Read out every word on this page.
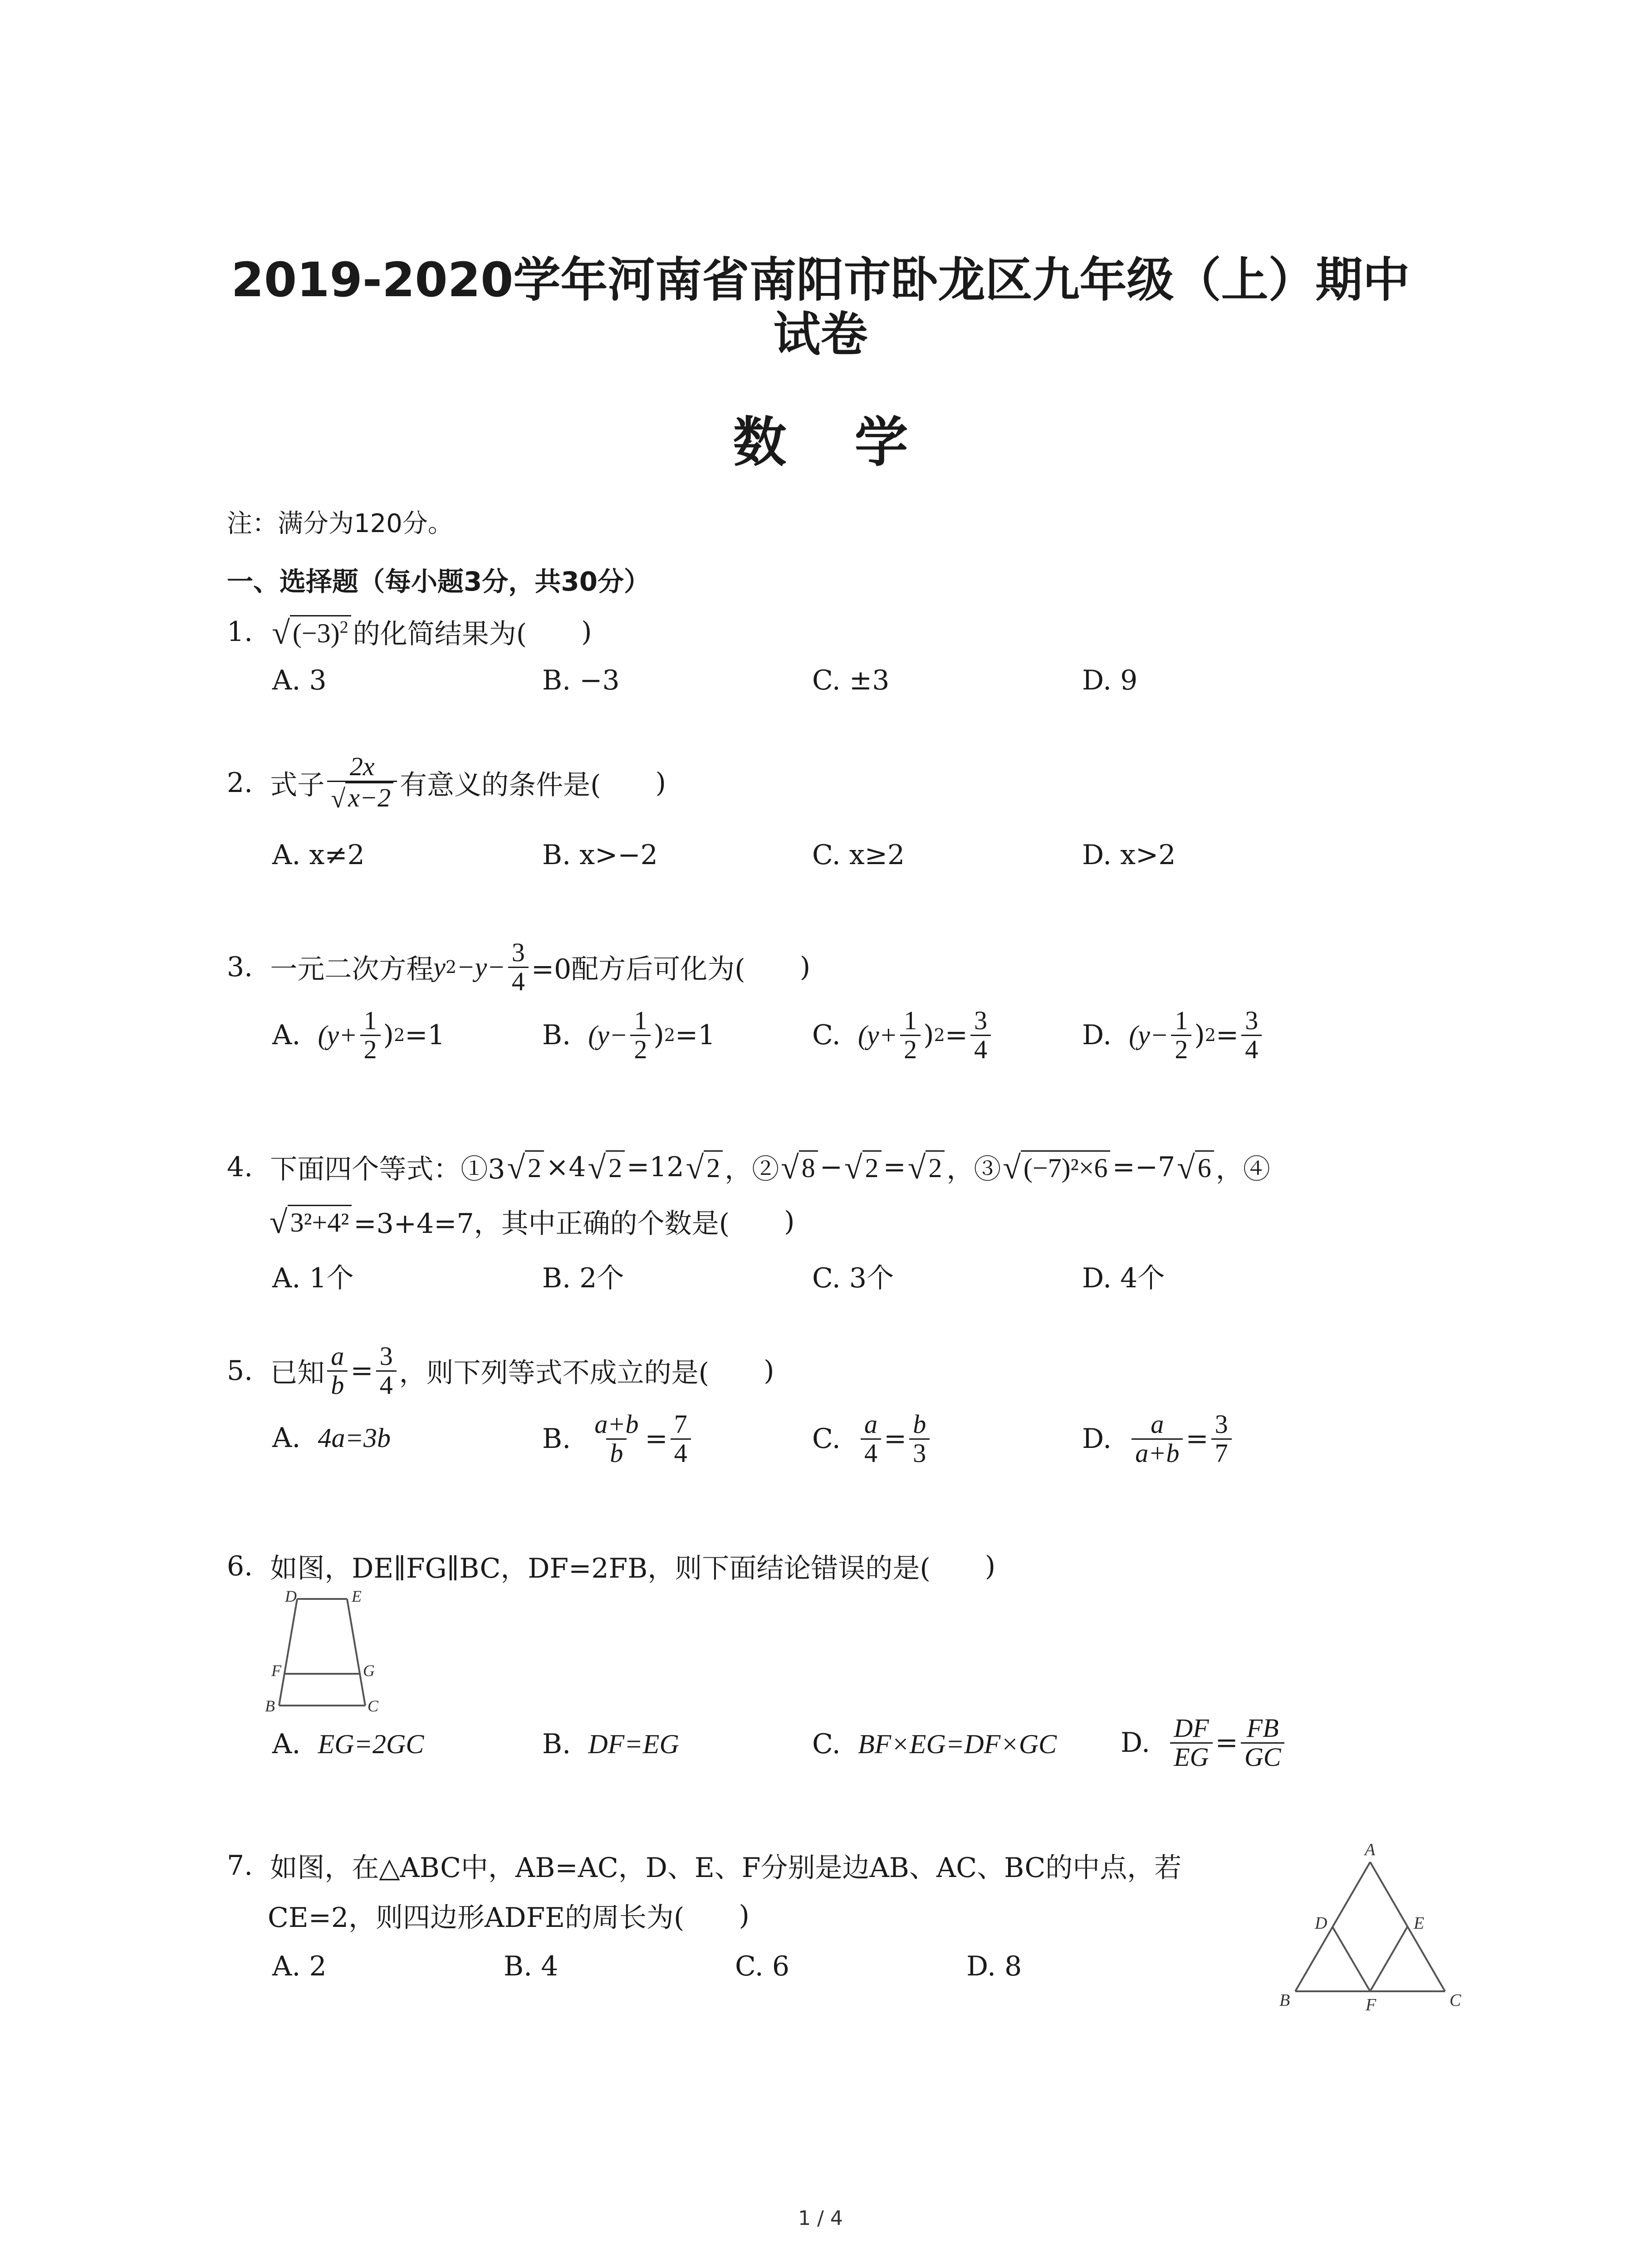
2019-2020学年河南省南阳市卧龙区九年级（上）期中
试卷
数学
注：满分为120分。
一、选择题（每小题3分，共30分）
1.
√ $(-3)^2$ 的化简结果为( )
A. 3	B. −3	C. ±3	D. 9
2.
式子 $\frac{2x}{√ x-2}$ 有意义的条件是( )
A. x≠2	B. x>−2	C. x≥2	D. x>2
3.
一元二次方程 y $2 -y- \frac{3}{4} =0$配方后可化为( )
A.
($y+ \frac{1}{2}$ ) 2 =1	B.
($y- \frac{1}{2}$ ) 2 =1	C.
($y+ \frac{1}{2}$ ) $2 = \frac{3}{4}$	D.
($y- \frac{1}{2}$ ) $2 = \frac{3}{4}$
4.
下面四个等式：①3 √ 2 ×4 √ 2 =12 √ 2 ，② √ 8 − √ 2 = √ 2 ，③ √ (−7)²×6 =−7 √ 6 ，④
√ 3²+4² =3+4=7，其中正确的个数是( )
A. 1个	B. 2个	C. 3个	D. 4个
5.
已知 $\frac{a}{b} = \frac{3}{4}$ ，则下列等式不成立的是( )
A.
4a=3b	B.
$\frac{a+b}{b} = \frac{7}{4}$	C.
$\frac{a}{4} = \frac{b}{3}$	D.
$\frac{a}{a+b} = \frac{3}{7}$
6.
如图，DE∥FG∥BC，DF=2FB，则下面结论错误的是( )
D	E
F	G
B	C
A.
EG=2GC	B.
DF=EG	C.
BF×EG=DF×GC D.
$\frac{DF}{EG} = \frac{FB}{GC}$
7.
如图，在△ABC中，AB=AC，D、E、F分别是边AB、AC、BC的中点，若
CE=2，则四边形ADFE的周长为( )
A. 2	B. 4	C. 6	D. 8
A
B	C
D	E
F
1 / 4
